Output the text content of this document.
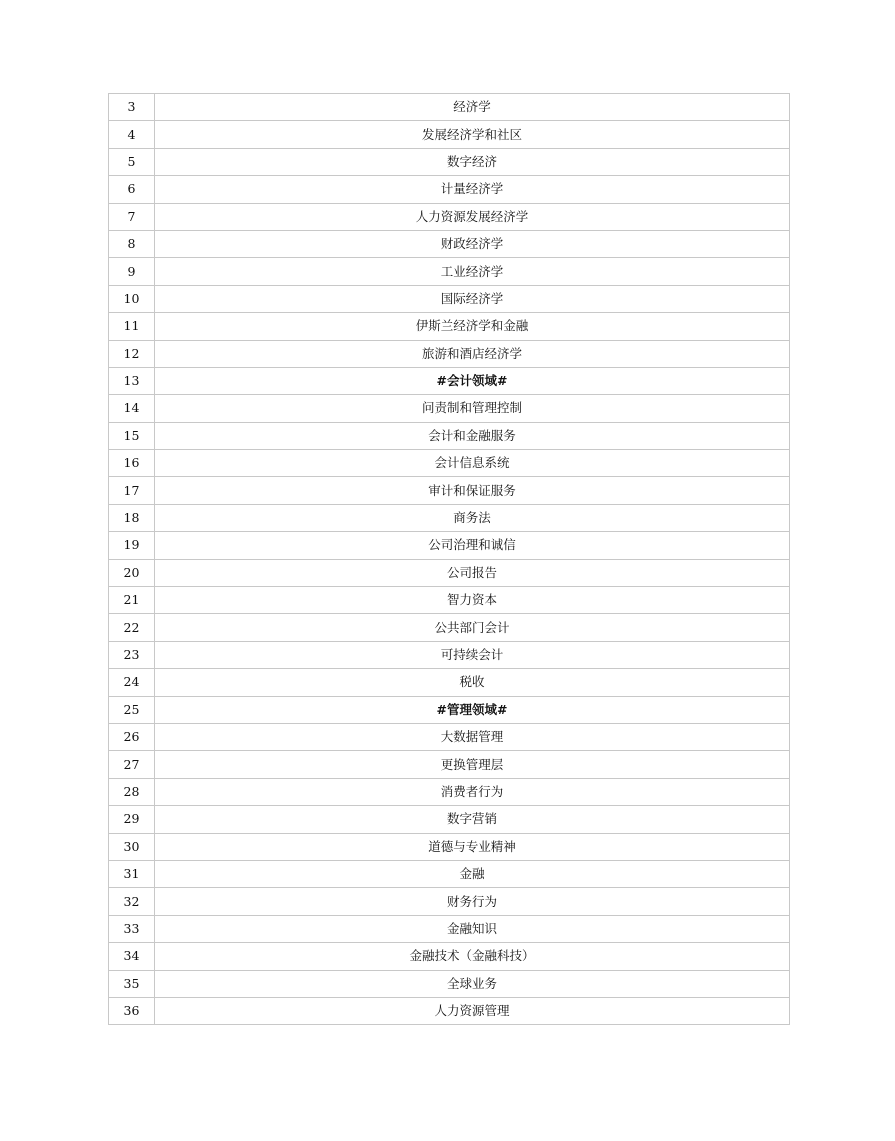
3	经济学
4	发展经济学和社区
5	数字经济
6	计量经济学
7	人力资源发展经济学
8	财政经济学
9	工业经济学
10	国际经济学
11	伊斯兰经济学和金融
12	旅游和酒店经济学
13	#会计领域#
14	问责制和管理控制
15	会计和金融服务
16	会计信息系统
17	审计和保证服务
18	商务法
19	公司治理和诚信
20	公司报告
21	智力资本
22	公共部门会计
23	可持续会计
24	税收
25	#管理领域#
26	大数据管理
27	更换管理层
28	消费者行为
29	数字营销
30	道德与专业精神
31	金融
32	财务行为
33	金融知识
34	金融技术（金融科技）
35	全球业务
36	人力资源管理
